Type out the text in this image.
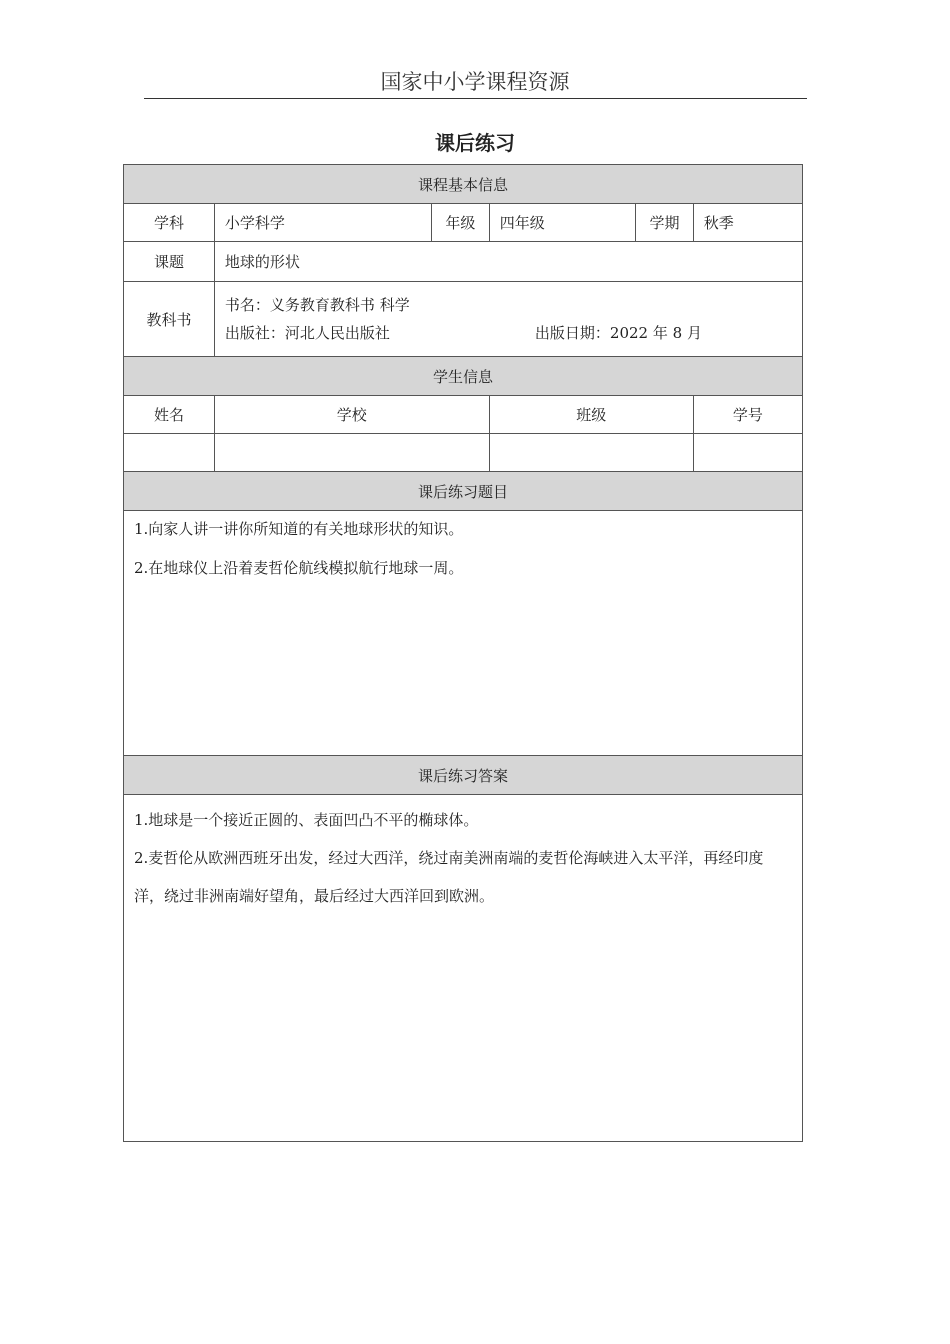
国家中小学课程资源
课后练习
课程基本信息					
学科	小学科学	年级	四年级	学期	秋季
课题	地球的形状				
教科书	书名：义务教育教科书 科学
出版社：河北人民出版社 出版日期：2022 年 8 月				

学生信息					
姓名	学校		班级		学号

课后练习题目					

1.向家人讲一讲你所知道的有关地球形状的知识。
2.在地球仪上沿着麦哲伦航线模拟航行地球一周。					

课后练习答案					

1.地球是一个接近正圆的、表面凹凸不平的椭球体。
2.麦哲伦从欧洲西班牙出发，经过大西洋，绕过南美洲南端的麦哲伦海峡进入太平洋，再经印度洋，绕过非洲南端好望角，最后经过大西洋回到欧洲。					
